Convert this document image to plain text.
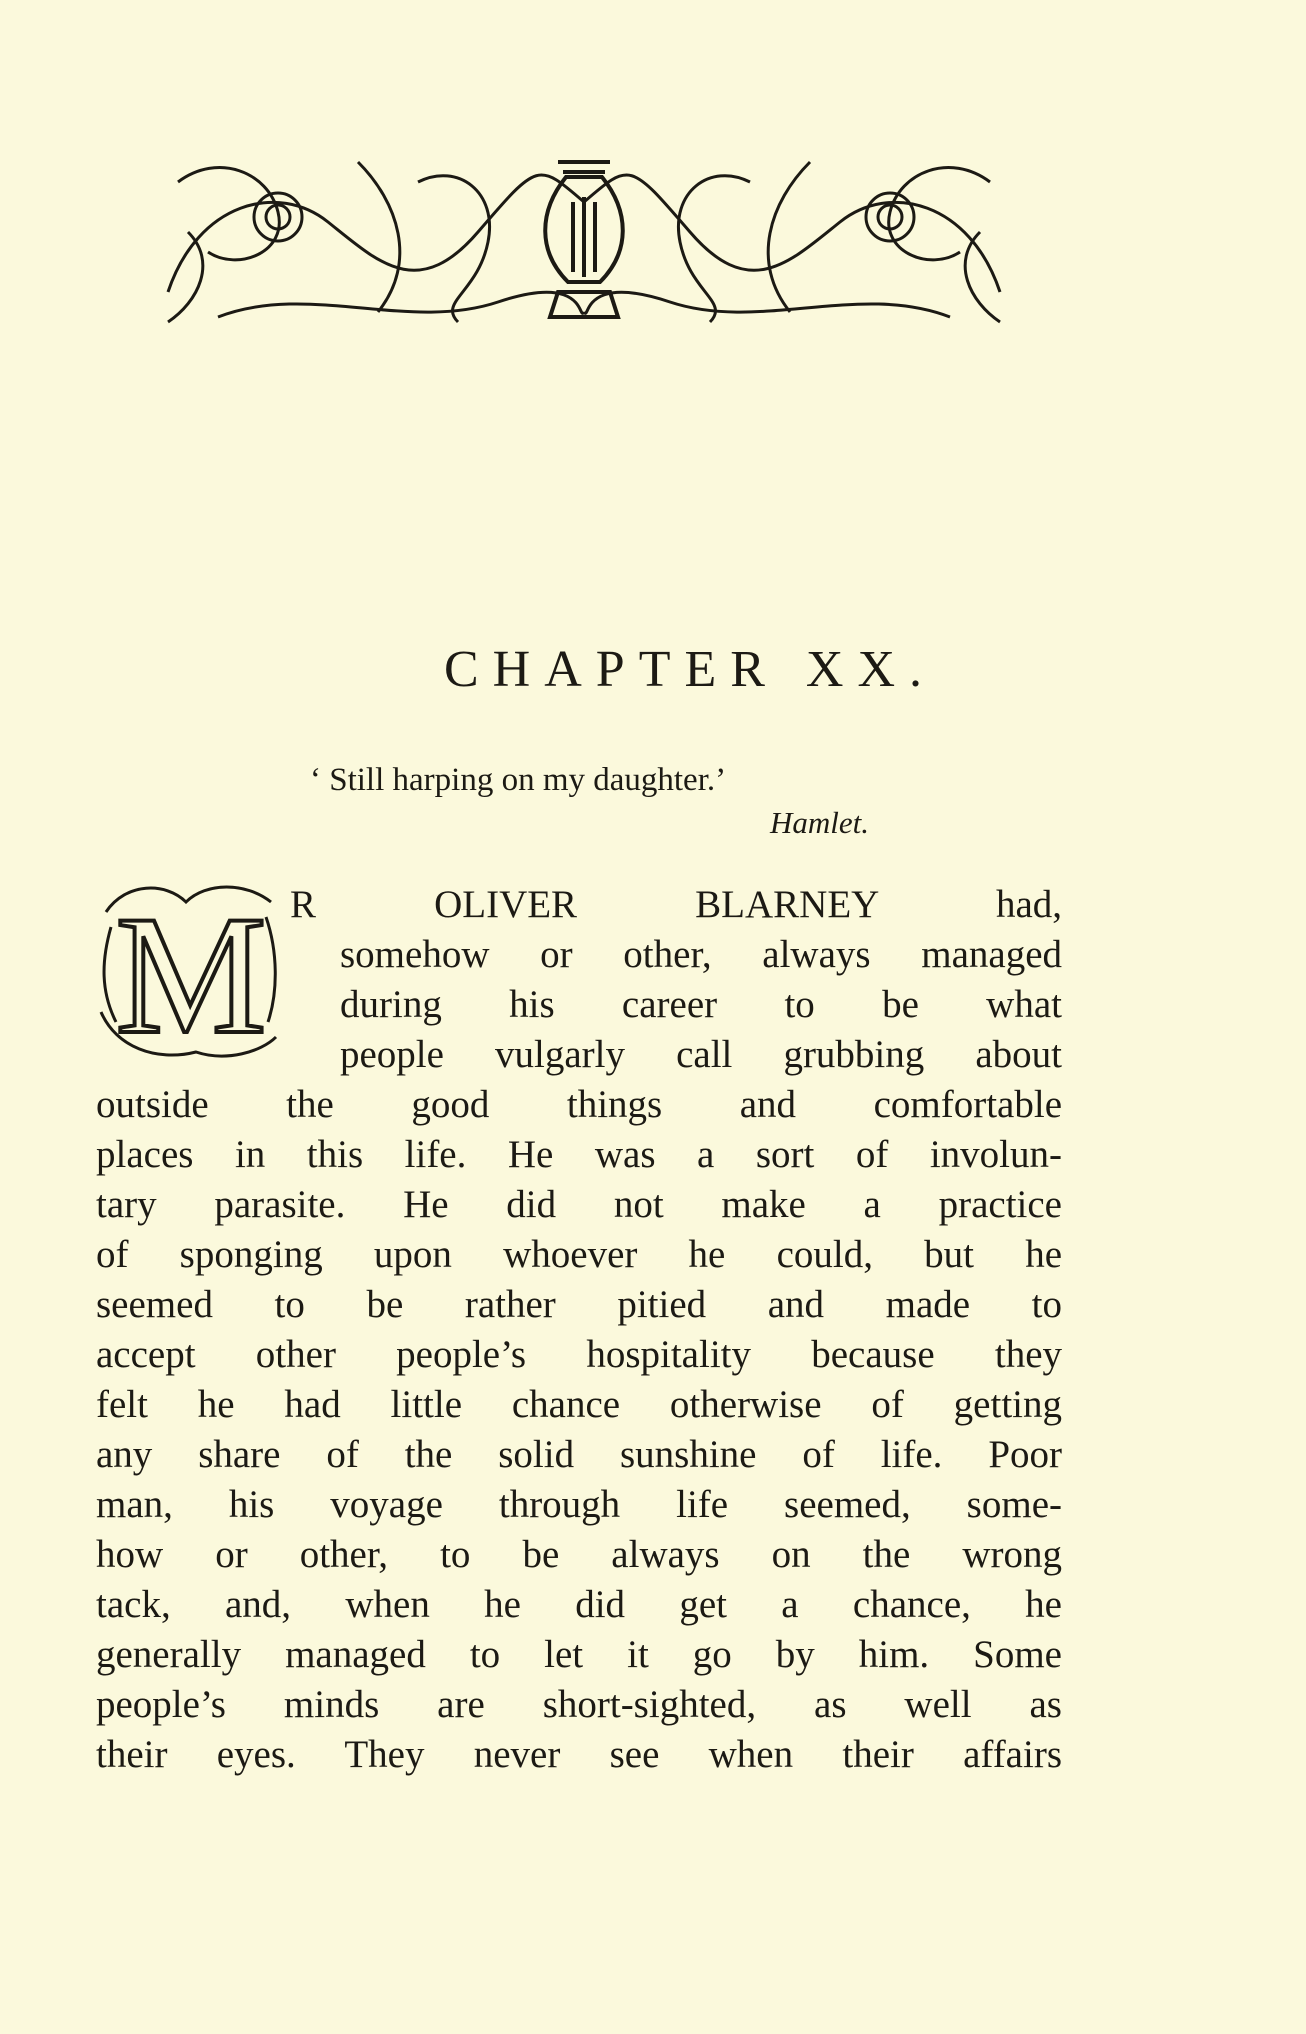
CHAPTER XX.

‘ Still harping on my daughter.’

Hamlet.

M R OLIVER BLARNEY had,
somehow or other, always managed
during his career to be what
people vulgarly call grubbing about
outside the good things and comfortable
places in this life. He was a sort of involun-
tary parasite. He did not make a practice
of sponging upon whoever he could, but he
seemed to be rather pitied and made to
accept other people’s hospitality because they
felt he had little chance otherwise of getting
any share of the solid sunshine of life. Poor
man, his voyage through life seemed, some-
how or other, to be always on the wrong
tack, and, when he did get a chance, he
generally managed to let it go by him. Some
people’s minds are short-sighted, as well as
their eyes. They never see when their affairs
